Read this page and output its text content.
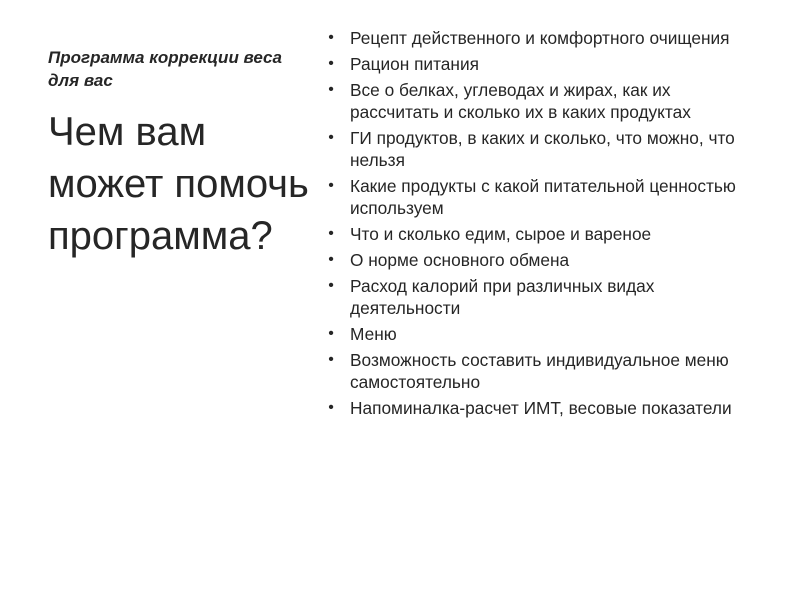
Программа коррекции веса для вас

Чем вам может помочь программа?
• Рецепт действенного и комфортного очищения
• Рацион питания
• Все о белках, углеводах и жирах, как их рассчитать и сколько их в каких продуктах
• ГИ продуктов, в каких и сколько, что можно, что нельзя
• Какие продукты с какой питательной ценностью используем
• Что и сколько едим, сырое и вареное
• О норме основного обмена
• Расход калорий при различных видах деятельности
• Меню
• Возможность составить индивидуальное меню самостоятельно
• Напоминалка-расчет ИМТ, весовые показатели
